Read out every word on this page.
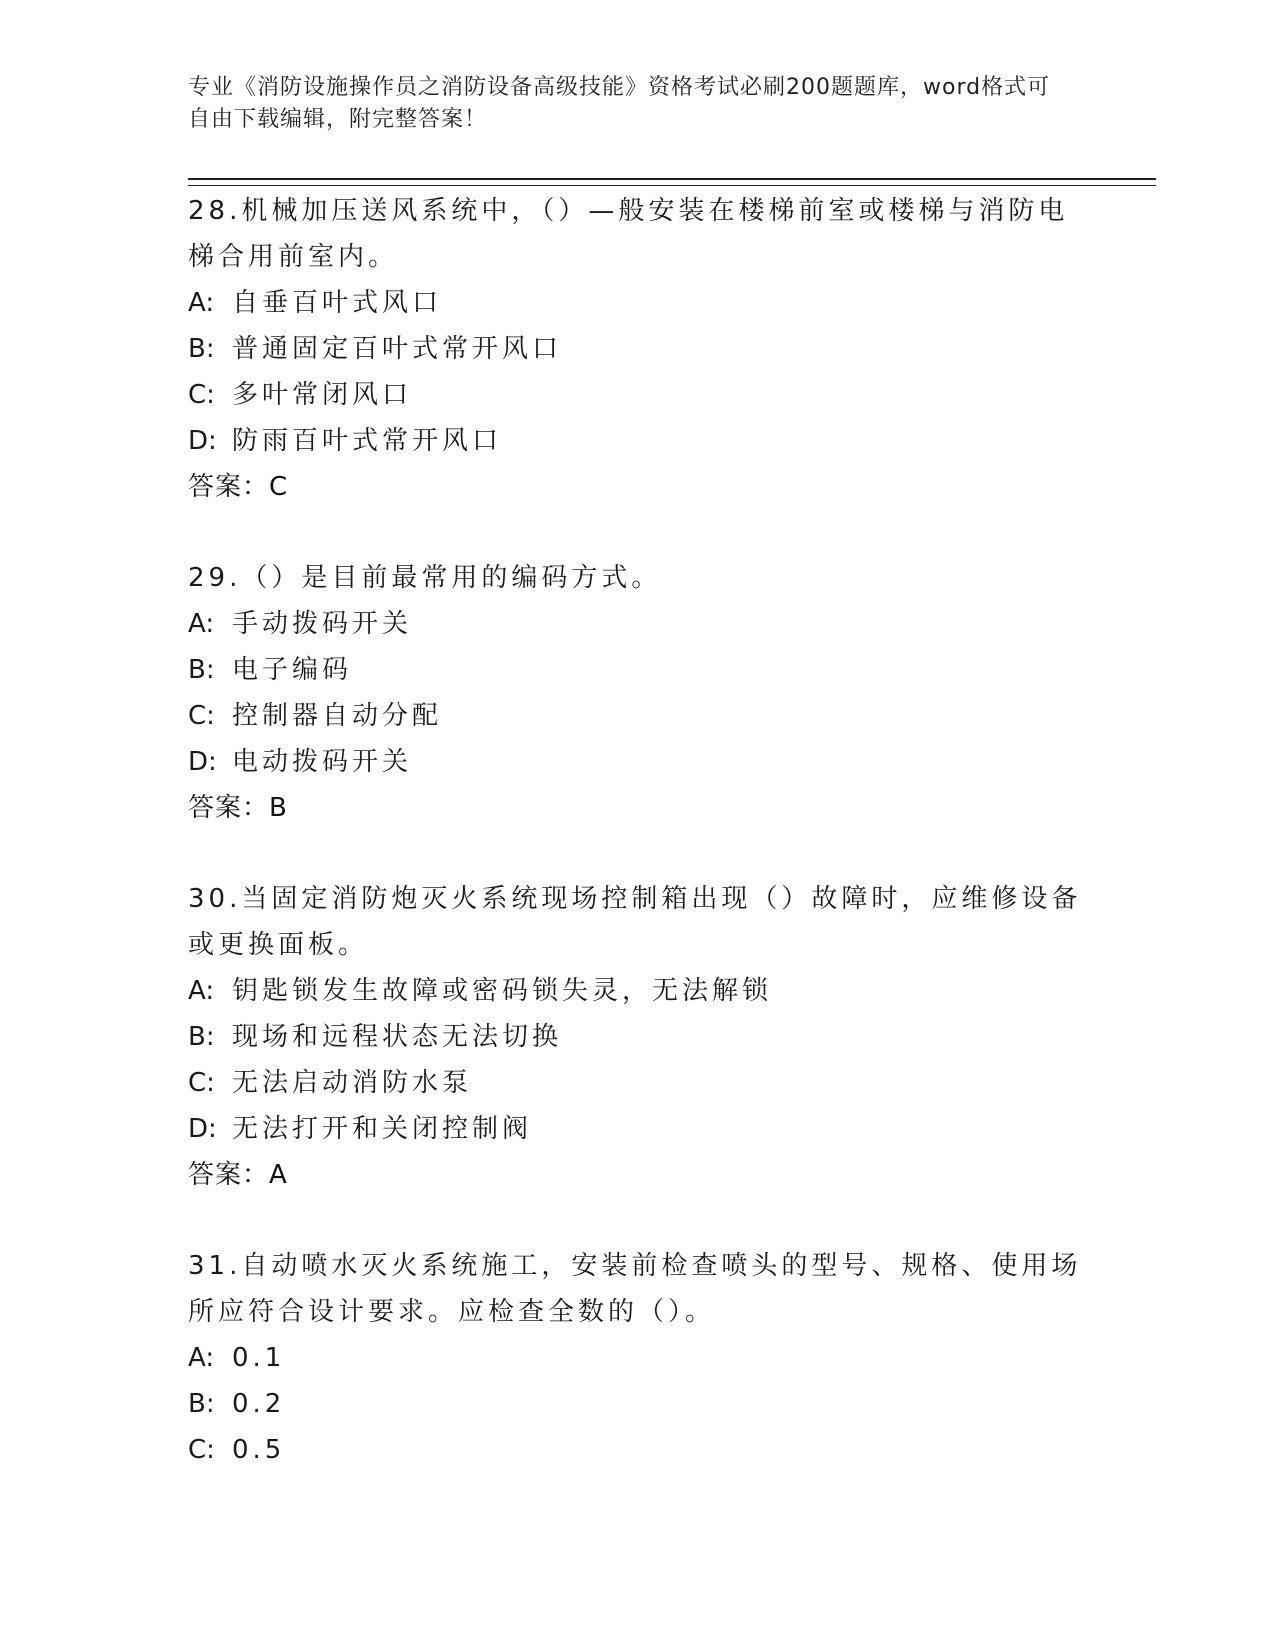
专业《消防设施操作员之消防设备高级技能》资格考试必刷200题题库，word格式可自由下载编辑，附完整答案！

28.机械加压送风系统中，（）—般安装在楼梯前室或楼梯与消防电梯合用前室内。

A: 自垂百叶式风口

B: 普通固定百叶式常开风口

C: 多叶常闭风口

D: 防雨百叶式常开风口

答案：C

29.（）是目前最常用的编码方式。

A: 手动拨码开关

B: 电子编码

C: 控制器自动分配

D: 电动拨码开关

答案：B

30.当固定消防炮灭火系统现场控制箱出现（）故障时，应维修设备或更换面板。

A: 钥匙锁发生故障或密码锁失灵，无法解锁

B: 现场和远程状态无法切换

C: 无法启动消防水泵

D: 无法打开和关闭控制阀

答案：A

31.自动喷水灭火系统施工，安装前检查喷头的型号、规格、使用场所应符合设计要求。应检查全数的（）。

A: 0.1

B: 0.2

C: 0.5
